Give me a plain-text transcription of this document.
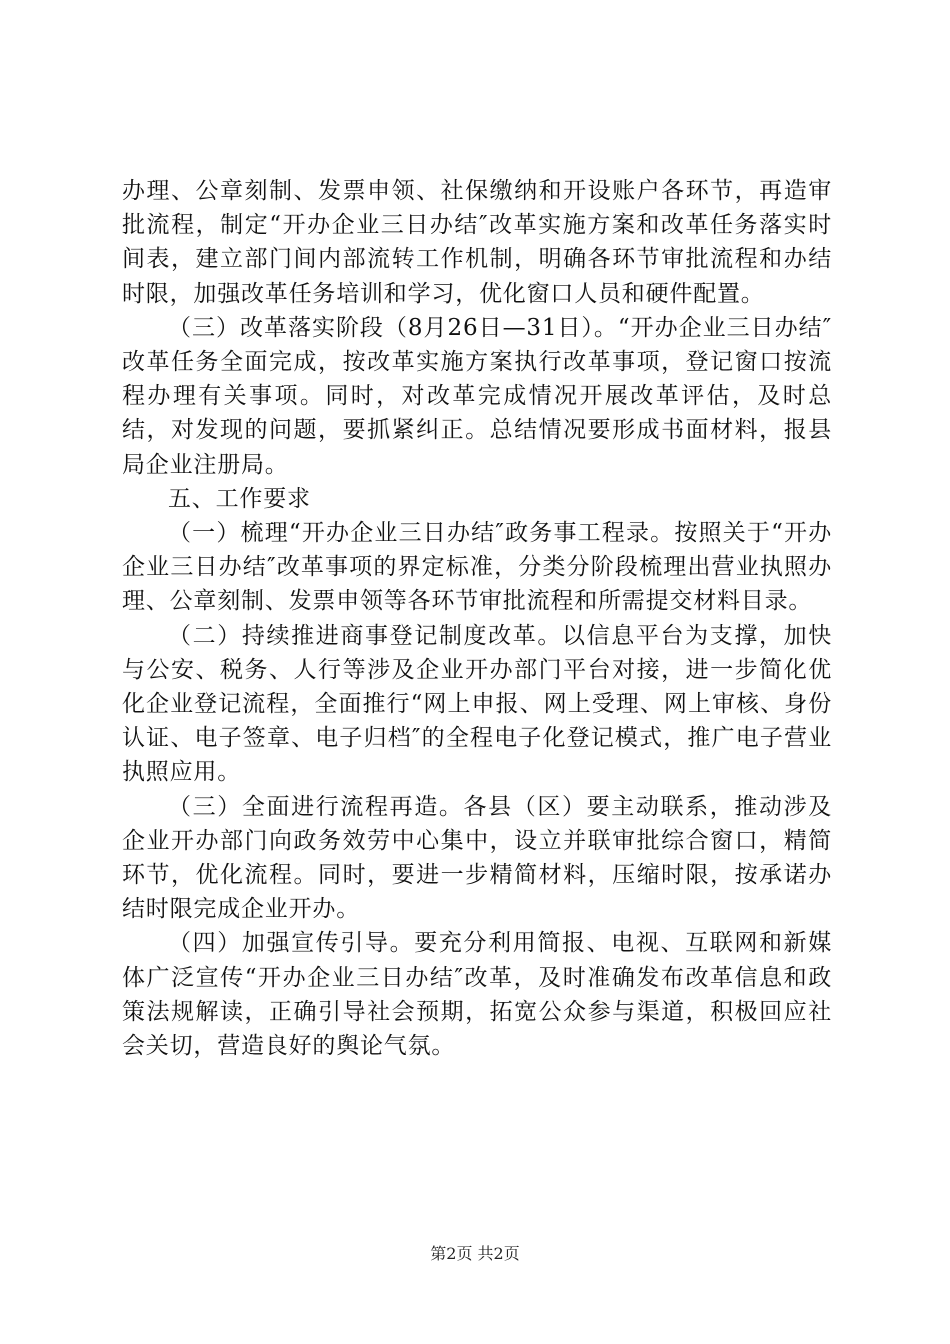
办理、公章刻制、发票申领、社保缴纳和开设账户各环节，再造审批流程，制定“开办企业三日办结″改革实施方案和改革任务落实时间表，建立部门间内部流转工作机制，明确各环节审批流程和办结时限，加强改革任务培训和学习，优化窗口人员和硬件配置。

（三）改革落实阶段（8月26日—31日）。“开办企业三日办结″改革任务全面完成，按改革实施方案执行改革事项，登记窗口按流程办理有关事项。同时，对改革完成情况开展改革评估，及时总结，对发现的问题，要抓紧纠正。总结情况要形成书面材料，报县局企业注册局。

五、工作要求

（一）梳理“开办企业三日办结″政务事工程录。按照关于“开办企业三日办结″改革事项的界定标准，分类分阶段梳理出营业执照办理、公章刻制、发票申领等各环节审批流程和所需提交材料目录。

（二）持续推进商事登记制度改革。以信息平台为支撑，加快与公安、税务、人行等涉及企业开办部门平台对接，进一步简化优化企业登记流程，全面推行“网上申报、网上受理、网上审核、身份认证、电子签章、电子归档″的全程电子化登记模式，推广电子营业执照应用。

（三）全面进行流程再造。各县（区）要主动联系，推动涉及企业开办部门向政务效劳中心集中，设立并联审批综合窗口，精简环节，优化流程。同时，要进一步精简材料，压缩时限，按承诺办结时限完成企业开办。

（四）加强宣传引导。要充分利用简报、电视、互联网和新媒体广泛宣传“开办企业三日办结″改革，及时准确发布改革信息和政策法规解读，正确引导社会预期，拓宽公众参与渠道，积极回应社会关切，营造良好的舆论气氛。

第2页 共2页
